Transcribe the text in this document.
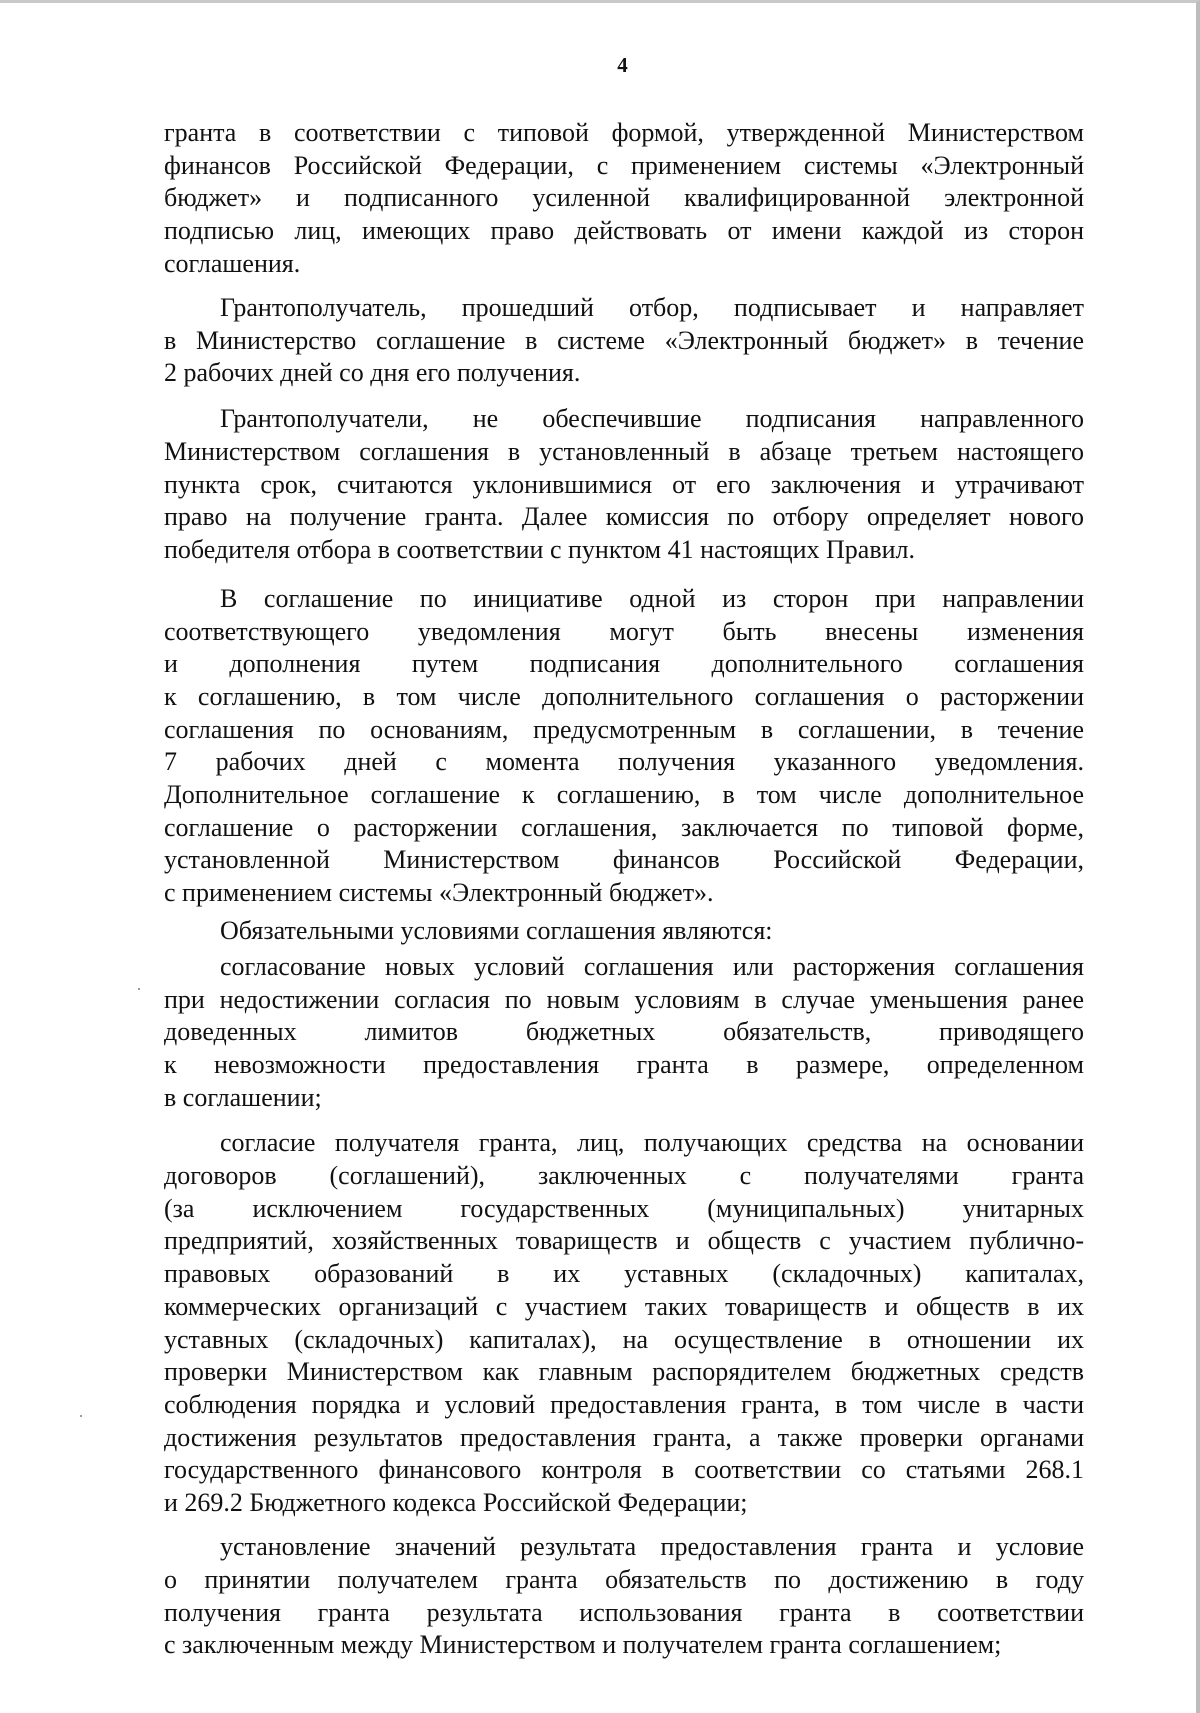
4
гранта в соответствии с типовой формой, утвержденной Министерством
финансов Российской Федерации, с применением системы «Электронный
бюджет» и подписанного усиленной квалифицированной электронной
подписью лиц, имеющих право действовать от имени каждой из сторон
соглашения.
Грантополучатель, прошедший отбор, подписывает и направляет
в Министерство соглашение в системе «Электронный бюджет» в течение
2 рабочих дней со дня его получения.
Грантополучатели, не обеспечившие подписания направленного
Министерством соглашения в установленный в абзаце третьем настоящего
пункта срок, считаются уклонившимися от его заключения и утрачивают
право на получение гранта. Далее комиссия по отбору определяет нового
победителя отбора в соответствии с пунктом 41 настоящих Правил.
В соглашение по инициативе одной из сторон при направлении
соответствующего уведомления могут быть внесены изменения
и дополнения путем подписания дополнительного соглашения
к соглашению, в том числе дополнительного соглашения о расторжении
соглашения по основаниям, предусмотренным в соглашении, в течение
7 рабочих дней с момента получения указанного уведомления.
Дополнительное соглашение к соглашению, в том числе дополнительное
соглашение о расторжении соглашения, заключается по типовой форме,
установленной Министерством финансов Российской Федерации,
с применением системы «Электронный бюджет».
Обязательными условиями соглашения являются:
согласование новых условий соглашения или расторжения соглашения
при недостижении согласия по новым условиям в случае уменьшения ранее
доведенных лимитов бюджетных обязательств, приводящего
к невозможности предоставления гранта в размере, определенном
в соглашении;
согласие получателя гранта, лиц, получающих средства на основании
договоров (соглашений), заключенных с получателями гранта
(за исключением государственных (муниципальных) унитарных
предприятий, хозяйственных товариществ и обществ с участием публично-
правовых образований в их уставных (складочных) капиталах,
коммерческих организаций с участием таких товариществ и обществ в их
уставных (складочных) капиталах), на осуществление в отношении их
проверки Министерством как главным распорядителем бюджетных средств
соблюдения порядка и условий предоставления гранта, в том числе в части
достижения результатов предоставления гранта, а также проверки органами
государственного финансового контроля в соответствии со статьями 268.1
и 269.2 Бюджетного кодекса Российской Федерации;
установление значений результата предоставления гранта и условие
о принятии получателем гранта обязательств по достижению в году
получения гранта результата использования гранта в соответствии
с заключенным между Министерством и получателем гранта соглашением;
